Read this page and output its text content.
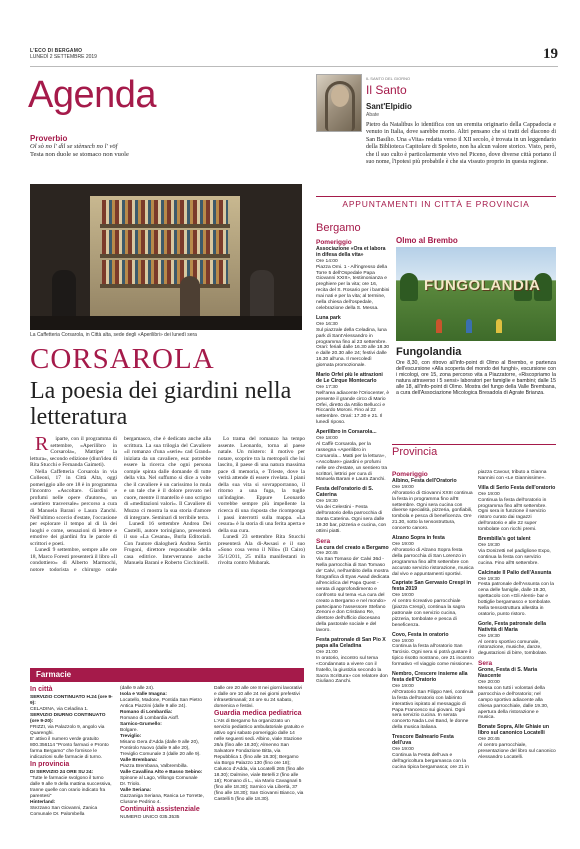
L'ECO DI BERGAMO
LUNEDÌ 2 SETTEMBRE 2019	19
Agenda
Proverbio
Ol sò no l' dìl se stèmech no l' vöf
Testa non duole se stomaco non vuole
IL SANTO DEL GIORNO
Il Santo
Sant'Elpidio
Abate
Pietro da Natalibus lo identifica con un eremita originario della Cappadocia e venuto in Italia, dove sarebbe morto. Altri pensano che si tratti del diacono di San Basilio. Una «Vita» redatta verso il XII secolo, è trovata in un leggendario della Biblioteca Capitolare di Spoleto, non ha alcun valore storico. Visto, però, che il suo culto è particolarmente vivo nel Piceno, dove diverse città portano il suo nome, l'ipotesi più probabile è che sia vissuto proprio in questa regione.
La Caffetteria Corsarola, in Città alta, sede degli «Aperilibri» dei lunedì sera
CORSAROLA
La poesia dei giardini nella letteratura

R iparte, con il programma di settembre, «Aperilibro in Corsarola», Mattiper la lettura», secondo edizione (diun'idea di Rita Stucchi e Fernanda Gaimeti).

Nella Caffetteria Corsarola in via Colleoni, 17 in Città Alta, oggi pomeriggio alle ore 18 è in programma l'incontro «Ascoltare. Giardini e profumi nelle opere d'autore», un «sentiero trasversale» percorso a cura di Manuela Barani e Laura Zanchi. Nell'ultimo scorcio d'estate, l'occasione per esplorare il tempo al di là dei luoghi e come, sensazioni di lettere e emotive dei giardini fra le parole di scrittori e poeti.

Lunedì 9 settembre, sempre alle ore 18, Marco Foresti presenterà il libro «Il condottiero» di Alberto Marmochi, notore todorista e chirurgo orale bergamasco, che è dedicato anche alla scrittura. La sua trilogia del Cavaliere «il romanzo d'una «serie» cad Grand» iniziata da un cavaliere, esa: potrebbe essere la ricerca che ogni persona compie spinta dalle domande di tutte della vita. Nel suffumo si dice a volte che il cavaliere è un carissimo lo mula e un tale che è il dolore provato nel cuore, mentre il mantello è uno scrigno di «meditazioni valori». Il Cavaliere di Muzzo ci mostra la sua storia d'amore di integrare. Seminari di terribile terra.

Lunedì 16 settembre Andrea Dei Castelli, autore torinigiano, presenterà il suo «La Cesana», Burla Editoriali. Con l'autore dialogherà Andrea Sertin Frugoni, direttore responsabile della casa editrice. Interverranno anche Manuela Barani e Roberto Cicchinelli.

Lo trama del romanzo ha tempo assente. Leonardo, torna al paese natale. Un mistero: il motivo per notare, scoprire tra la metropoli che lui lascito, il paese di una natura massima pace di memoria, e Trieste, dove la verità attende di essere rivelata. I piani della sua vita si sovrapporranno, il ritorno a una fuga, la tuglie un'indagine. Eppure Leonardo vorrebbe sempre più impellente la ricerca di una risposta che ricomponga i passi interrotti sulla mappa. «La cesura» è la storia di una ferita aperta e della sua cura.

Lunedì 23 settembre Rita Stucchi presenterà Ala di-Awsasi e il suo «Sono cosa verso il Nilo» (Il Cairo) 35/1/2011, 25 milla manifestanti in rivolta contro Mubarak.

Farmacie
In città
SERVIZIO CONTINUATO H.24 (ore 9-9):
CELADINA, via Celadina 1.
SERVIZIO DIURNO CONTINUATO (ore 9-20):
FRIZZI, via Palazzolo 9, angolo via Quarenghi.
E' attivo il numero verde gratuito 800.356114 "Pronto farmaci e Pronto farma Bergamo" che fornisce le indicazioni sulle farmacie di turno.
In provincia
DI SERVIZIO 24 ORE SU 24:
"Tutte le farmacie svolgono il turno dalle 9 alle 9 della mattina successiva, tranne quelle con orario indicato fra parentesi"
Hinterland:
Stezzano San Giovanni, Zanica Comunale Dr. Palombella
(dalle 9 alle 24).
Isola e Valle Imagna:
Locatello, Madone, Pontida San Pietro Antica Piazzini (dalle 9 alle 24).
Romano di Lombardia:
Romano di Lombardia Aioff.
Sarnico-Grumello:
Bolgare.
Treviglio:
Misano Gera d'Adda (dalle 9 alle 20), Pontirolo Nuovo (dalle 9 alle 20), Treviglio Comunale 3 (dalle 20 alle 9).
Valle Brembana:
Piazza Brembana, Valbrembilla.
Valle Cavallina Alto e Basso Sebino:
Spinone al Lago, Villongo Comunale Dr. Triolo.
Valle Seriana:
Gazzaniga Seriana, Ranica Le Torrette, Clusone Pedrino 4.
Continuità assistenziale
NUMERO UNICO 035.3535
Dalle ore 20 alle ore 8 nei giorni lavorativi e dalle ore 10 alle 24 nei giorni prefestivi infrasettimanali; 24 ore su 24 sabato, domenica e festivi.
Guardia medica pediatrica
L'Ats di Bergamo ha organizzato un servizio pediatrico ambulatoriale gratuito e attivo ogni sabato pomeriggio dalle 14 nelle seguenti sedi. Albino, viale Stazione 26/a (fino alle 18.30); Almenno San Salvatore Fondazione Bitta, via Repubblica 1 (fino alle 18.30); Bergamo via Borgo Palazzo 130 (fino ore 18); Calusco d'Adda, via Locatelli 265 (fino alle 18.30); Dalmine, viale Betelli 2 (fino alle 18); Romano di L., via Mario Cavagnari 5 (fino alle 18.30); Sarnico via Libertà, 37 (fino alle 18.30); San Giovanni Bianco, via Castelli 5 (fino alle 18.30).
APPUNTAMENTI IN CITTÀ E PROVINCIA
Bergamo
Pomeriggio
Associazione «Ora et labora in difesa della vita»
Ore 14:00
Piazza Omi. 1 - All'ingresso della Torre 5 dell'Ospedale Papa Giovanni XXIII», testimonianza e preghiere per la vita; ore 16, recita del S. Rosario per i bambini mai nati e per la vita; al termine, nella chiesa dell'ospedale, celebrazione della S. Messa.
Luna park
Ore 16:30
Sul piazzale della Celadina, luna park di Sant'Alessandro in programma fino al 23 settembre. Orari: feriali dalle 16.30 alle 18.30 e dalle 20.30 alle 24; festivi dalle 16.30 all'una. Il mercoledì giornata promozionale.
Mario Orfei più le attrazioni de Le Cirque Montecarlo
Ore 17:30
Nell'area adiacente l'Oriocenter, è presente il grande circo di Mario Orfei, diretto da Attilio Bellucci e Riccardo Moroni. Fino al 22 settembre. Orari: 17.30 e 21. Il lunedì riposo.
Aperilibro in Corsarola...
Ore 18:00
Al Caffè Corsarola, per la rassegna «Aperilibro in Corsarola... Matti per la lettura», «Ascoltare» giardini e profumi nelle ore d'estate, un sentiero tra scrittori, lettrici per cura di Manuela Barani e Laura Zanchi.
Festa dell'oratorio di S. Caterina
Ore 19:30
Via dei Celestini - Festa dell'oratorio della parrocchia di Santa Caterina. Ogni sera dalle 19.30 bar, pizzeria e cucina, con ottimi piatti.
Sera
La cura del creato a Bergamo
Ore 20:45
Via San Tomaso de' Calvi 36d - Nella parrocchia di San Tomaso de' Calvi, nell'ambito della mostra fotografica di Eyas Awad dedicata all'enciclica del Papa Quest - serata di approfondimento e confronto sul tema «La cura del creato a Bergamo e nel mondo» partecipano l'assessore Stefano Zenoni e don Cristiano Re, direttore dell'ufficio diocesano della pastorale sociale e del lavoro.
Festa patronale di San Pio X papa alla Celadina
Ore 21:00
In oratorio, incontro sul tema «Condannato a vivere con il fratello, la giustizia secondo la Sacra Scrittura» con relatore don Giuliano Zanchi.
Olmo al Brembo
FUNGOLANDIA
Fungolandia
Ore 8,30, con ritrovo all'info-point di Olmo al Brembo, e partenza dell'escursione «Alla scoperta del mondo dei funghi», escursione con i micologi, ore 15, zona percorso vita a Piazzatorre, «Riscopriamo la natura attraverso i 5 sensi» laboratori per famiglie e bambini; dalle 15 alle 18, all'info-point di Olmo. Mostra del fungo della Valle Brembana, a cura dell'Associazione Micologica Bresadola di Agrate Brianza.
Provincia
Pomeriggio
Albino, Festa dell'Oratorio
Ore 19:00
All'oratorio di Giovanni XXIII continua la festa in programma fino all'8 settembre. Ogni sera cucina con diverse specialità, pizzeria, gonfiabili, tombola e pesca di beneficenza. Ore 21.30, sotto la tensostruttura, concerto canoro.
Alzano Sopra in festa
Ore 19:00
All'oratorio di Alzano Sopra festa della parrocchia di San Lorenzo in programma fino all'8 settembre con accurato servizio ristorazione, musica dal vivo e appuntamenti sportivi.
Capriate San Gervasio Crespi in festa 2019
Ore 19:00
Al centro ricreativo parrocchiale (piazza Crespi), continua la sagra patronale con servizio cucina, pizzeria, tombolate e pesca di beneficenza.
Covo, Festa in oratorio
Ore 19:00
Continua la festa all'oratorio San Tarcisio. Ogni sera si potrà gustare il tipico risotto nostrano, ore 21 incontro formativo «Il viaggio come missione».
Nembro, Crescere insieme alla festa dell'Oratorio
Ore 19:00
All'Oratorio San Filippo Neri, continua la festa dell'oratorio con labirinto interattivo ispirato al messaggio di Papa Francesco sui giovani. Ogni sera servizio cucina. In serata concerto Nada Lovi Band, le donne della musica italiana.
Trescore Balneario Festa dell'uva
Ore 19:00
Continua la Festa dell'uva e dell'agricoltura bergamasca con la cucina tipica bergamasca; ore 21 in
piazza Cavour, tributo a Gianna Nannini con «Le Giannissime».
Villa di Serio Festa dell'oratorio
Ore 19:00
Continua la festa dell'oratorio in programma fino all'8 settembre. Ogni sera in funzione il servizio ristoro curato dai ragazzi dell'oratorio e alle 22 super tombolate con ricchi premi.
Brembilla's got talent
Ore 19:30
Via Donizetti nel padiglione Expo, continua la festa con servizio cucina. Fino all'8 settembre.
Calcinate Il Palio dell'Assunta
Ore 19:30
Festa patronale dell'Assunta con la cena delle famiglie, dalle 19.30, spettacolo con «Gli Alenti» bar e bottiglie bergamasco e tombolate. Nella tensostruttura allestita in oratorio, punto ristoro.
Gorle, Festa patronale della Natività di Maria
Ore 19:30
Al centro sportivo comunale, ristorazione, musiche, danze, degustazioni di birre, tombolate.
Sera
Grone, Festa di S. Maria Nascente
Ore 20:00
Messa con tutti i volontari della parrocchia e dell'oratorio; nel campo sportivo adiacente alla chiesa parrocchiale, dalle 19.30, apertura della ristorazione e musica.
Bonate Sopra, Alle Ghiaie un libro sul canonico Locatelli
Ore 20:45
Al centro parrocchiale, presentazione del libro sul canonico Alessandro Locatelli.
